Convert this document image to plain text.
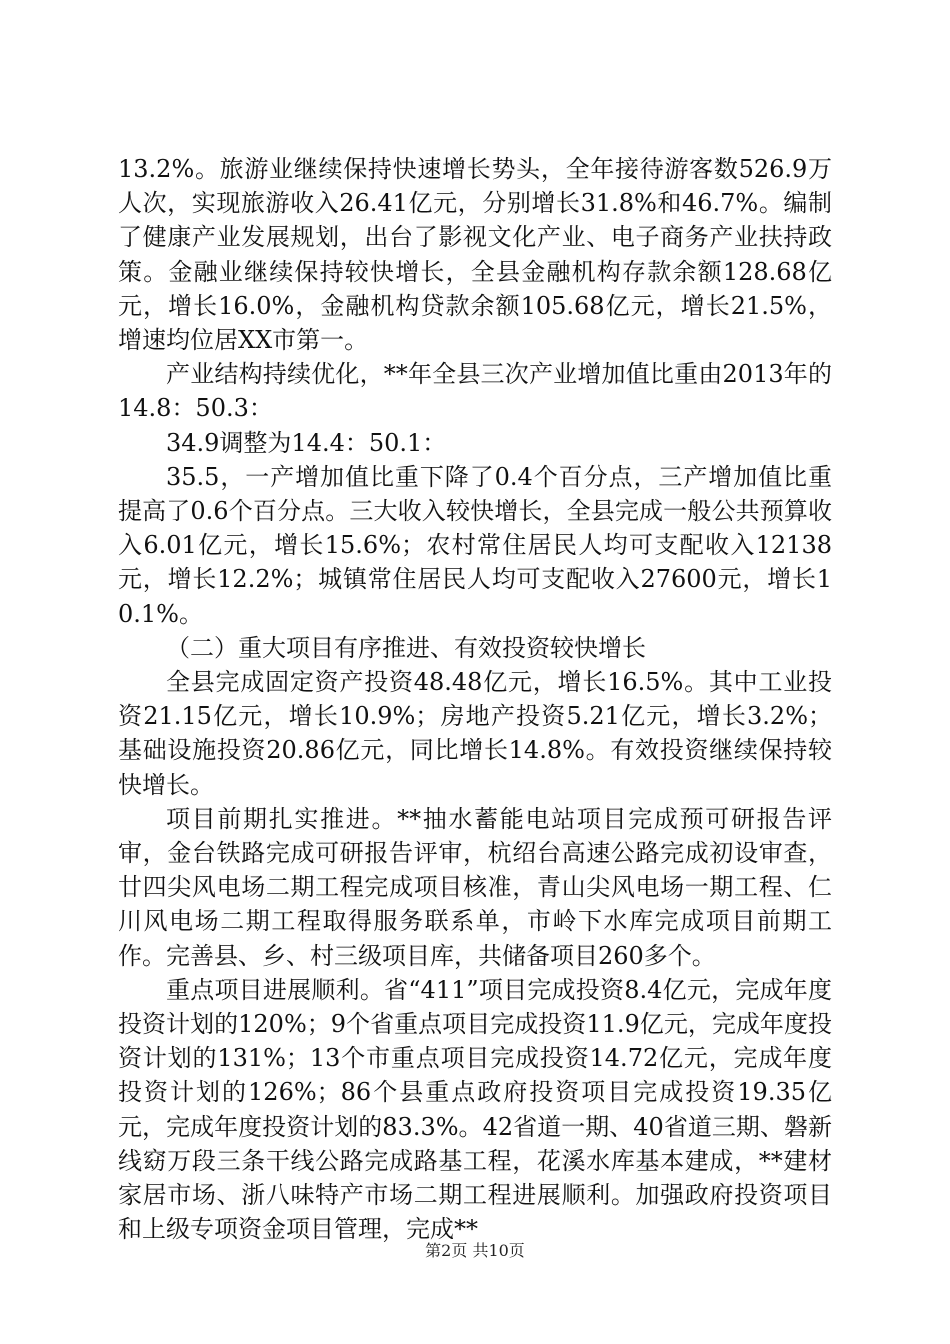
13.2%。旅游业继续保持快速增长势头，全年接待游客数526.9万人次，实现旅游收入26.41亿元，分别增长31.8%和46.7%。编制了健康产业发展规划，出台了影视文化产业、电子商务产业扶持政策。金融业继续保持较快增长，全县金融机构存款余额128.68亿元，增长16.0%，金融机构贷款余额105.68亿元，增长21.5%，增速均位居XX市第一。

产业结构持续优化，**年全县三次产业增加值比重由2013年的14.8：50.3：

34.9调整为14.4：50.1：

35.5，一产增加值比重下降了0.4个百分点，三产增加值比重提高了0.6个百分点。三大收入较快增长，全县完成一般公共预算收入6.01亿元，增长15.6%；农村常住居民人均可支配收入12138元，增长12.2%；城镇常住居民人均可支配收入27600元，增长10.1%。

（二）重大项目有序推进、有效投资较快增长

全县完成固定资产投资48.48亿元，增长16.5%。其中工业投资21.15亿元，增长10.9%；房地产投资5.21亿元，增长3.2%；基础设施投资20.86亿元，同比增长14.8%。有效投资继续保持较快增长。

项目前期扎实推进。**抽水蓄能电站项目完成预可研报告评审，金台铁路完成可研报告评审，杭绍台高速公路完成初设审查，廿四尖风电场二期工程完成项目核准，青山尖风电场一期工程、仁川风电场二期工程取得服务联系单，市岭下水库完成项目前期工作。完善县、乡、村三级项目库，共储备项目260多个。

重点项目进展顺利。省“411”项目完成投资8.4亿元，完成年度投资计划的120%；9个省重点项目完成投资11.9亿元，完成年度投资计划的131%；13个市重点项目完成投资14.72亿元，完成年度投资计划的126%；86个县重点政府投资项目完成投资19.35亿元，完成年度投资计划的83.3%。42省道一期、40省道三期、磐新线窈万段三条干线公路完成路基工程，花溪水库基本建成，**建材家居市场、浙八味特产市场二期工程进展顺利。加强政府投资项目和上级专项资金项目管理，完成**

第2页 共10页
